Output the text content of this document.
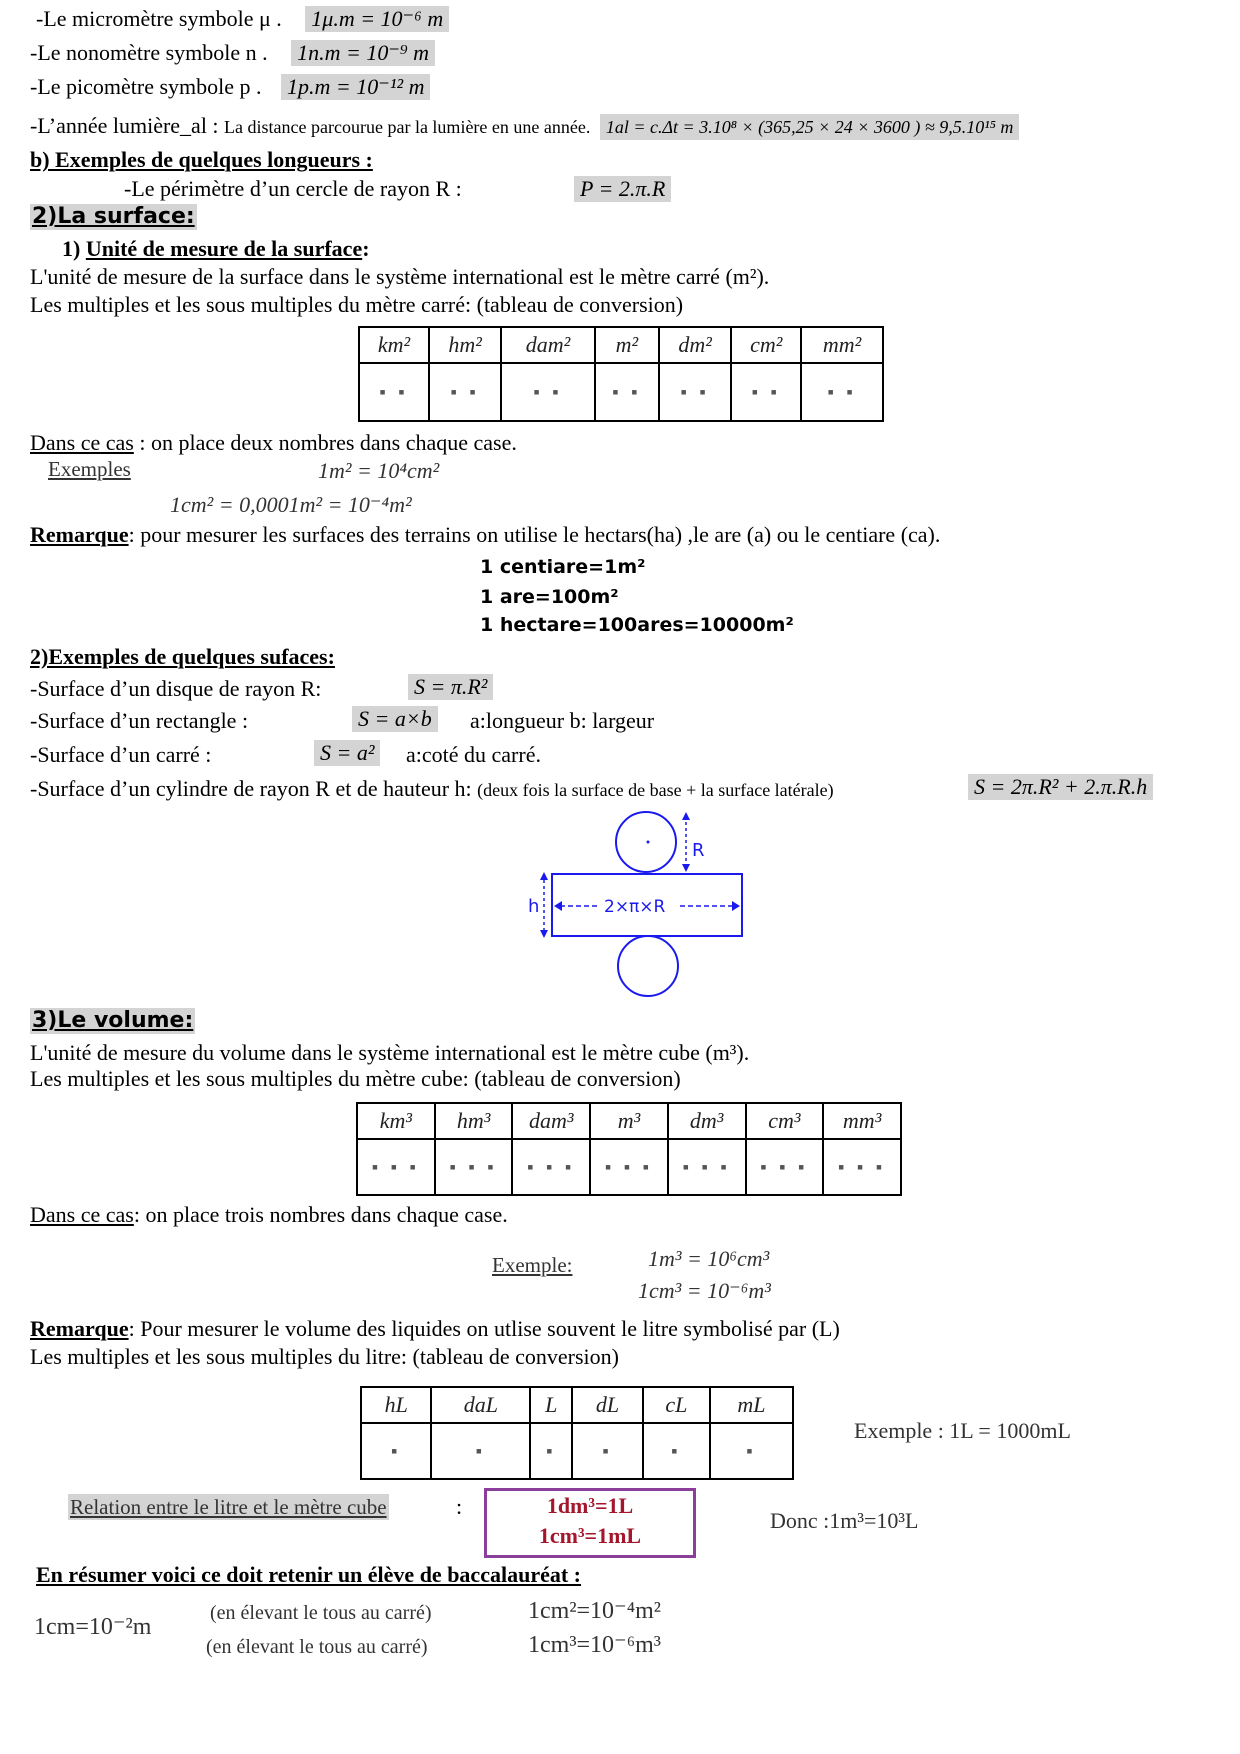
-Le micromètre symbole μ . 1μ.m = 10⁻⁶ m
-Le nonomètre symbole n . 1n.m = 10⁻⁹ m
-Le picomètre symbole p . 1p.m = 10⁻¹² m
-L’année lumière_al : La distance parcourue par la lumière en une année. 1al = c.Δt = 3.10⁸ × (365,25 × 24 × 3600 ) ≈ 9,5.10¹⁵ m
b) Exemples de quelques longueurs :
-Le périmètre d’un cercle de rayon R :	P = 2.π.R
2)La surface:
1) Unité de mesure de la surface:
L'unité de mesure de la surface dans le système international est le mètre carré (m²).
Les multiples et les sous multiples du mètre carré: (tableau de conversion)
km²	hm²	dam²	m²	dm²	cm²	mm²
▪ ▪	▪ ▪	▪ ▪	▪ ▪	▪ ▪	▪ ▪	▪ ▪
Dans ce cas : on place deux nombres dans chaque case.
Exemples	1m² = 10⁴cm²
1cm² = 0,0001m² = 10⁻⁴m²
Remarque: pour mesurer les surfaces des terrains on utilise le hectars(ha) ,le are (a) ou le centiare (ca).
1 centiare=1m²
1 are=100m²
1 hectare=100ares=10000m²
2)Exemples de quelques sufaces:
-Surface d’un disque de rayon R:	S = π.R²
-Surface d’un rectangle :	S = a×b a:longueur b: largeur
-Surface d’un carré :	S = a² a:coté du carré.
-Surface d’un cylindre de rayon R et de hauteur h: (deux fois la surface de base + la surface latérale)	S = 2π.R² + 2.π.R.h
R
h	2×π×R
3)Le volume:
L'unité de mesure du volume dans le système international est le mètre cube (m³).
Les multiples et les sous multiples du mètre cube: (tableau de conversion)
km³	hm³	dam³	m³	dm³	cm³	mm³
▪ ▪ ▪	▪ ▪ ▪	▪ ▪ ▪	▪ ▪ ▪	▪ ▪ ▪	▪ ▪ ▪	▪ ▪ ▪
Dans ce cas: on place trois nombres dans chaque case.
Exemple:	1m³ = 10⁶cm³
1cm³ = 10⁻⁶m³
Remarque: Pour mesurer le volume des liquides on utlise souvent le litre symbolisé par (L)
Les multiples et les sous multiples du litre: (tableau de conversion)
hL	daL	L	dL	cL	mL
▪	▪	▪	▪	▪	▪
Exemple : 1L = 1000mL
Relation entre le litre et le mètre cube	:	1dm³=1L
1cm³=1mL
Donc :1m³=10³L
En résumer voici ce doit retenir un élève de baccalauréat :
1cm=10⁻²m
(en élevant le tous au carré)
(en élevant le tous au carré)
1cm²=10⁻⁴m²
1cm³=10⁻⁶m³
